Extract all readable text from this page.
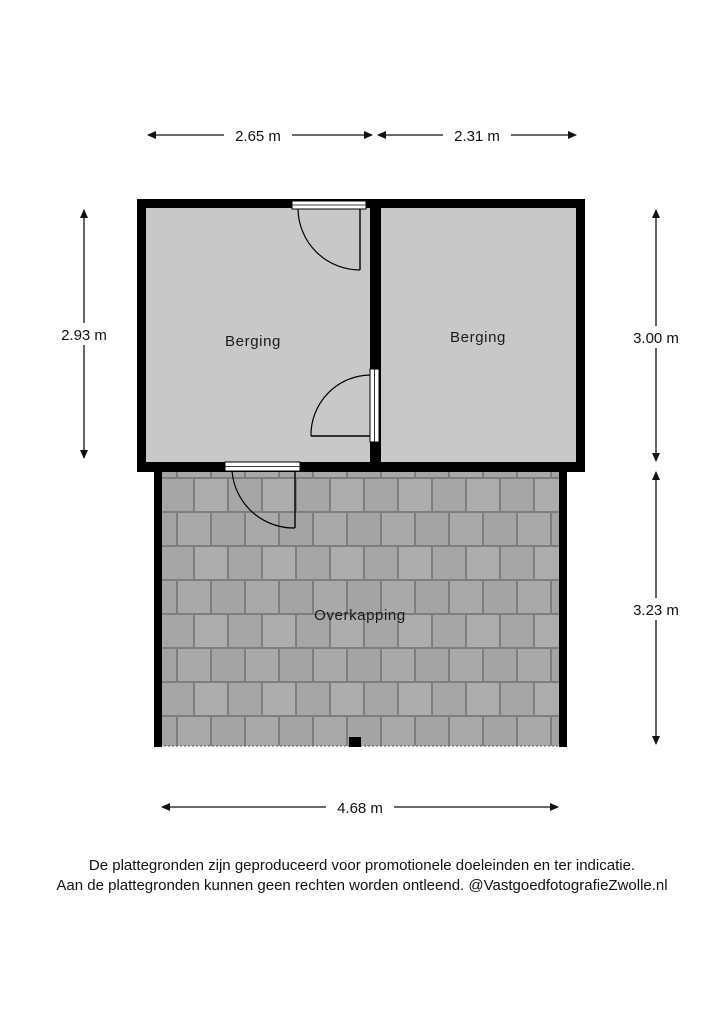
2.65 m	2.31 m
2.93 m	3.00 m
3.23 m
4.68 m
Overkapping
Berging	Berging
De plattegronden zijn geproduceerd voor promotionele doeleinden en ter indicatie.
Aan de plattegronden kunnen geen rechten worden ontleend. @VastgoedfotografieZwolle.nl
